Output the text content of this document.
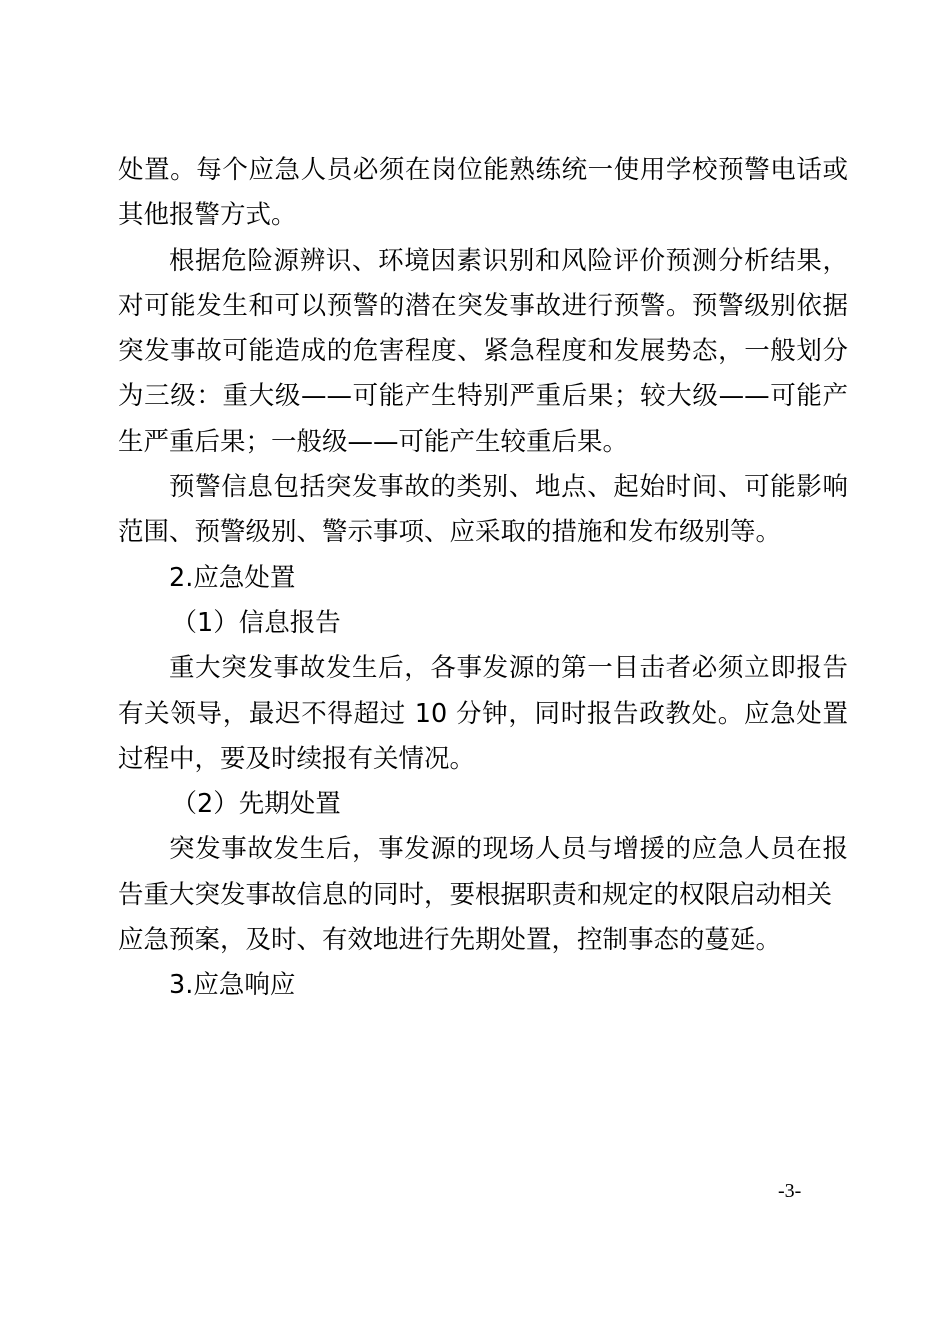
处置。每个应急人员必须在岗位能熟练统一使用学校预警电话或其他报警方式。

根据危险源辨识、环境因素识别和风险评价预测分析结果，对可能发生和可以预警的潜在突发事故进行预警。预警级别依据突发事故可能造成的危害程度、紧急程度和发展势态，一般划分为三级：重大级——可能产生特别严重后果；较大级——可能产生严重后果；一般级——可能产生较重后果。

预警信息包括突发事故的类别、地点、起始时间、可能影响范围、预警级别、警示事项、应采取的措施和发布级别等。

2.应急处置

（1）信息报告

重大突发事故发生后，各事发源的第一目击者必须立即报告有关领导，最迟不得超过 10 分钟，同时报告政教处。应急处置过程中，要及时续报有关情况。

（2）先期处置

突发事故发生后，事发源的现场人员与增援的应急人员在报告重大突发事故信息的同时，要根据职责和规定的权限启动相关

应急预案，及时、有效地进行先期处置，控制事态的蔓延。

3.应急响应

-3-
